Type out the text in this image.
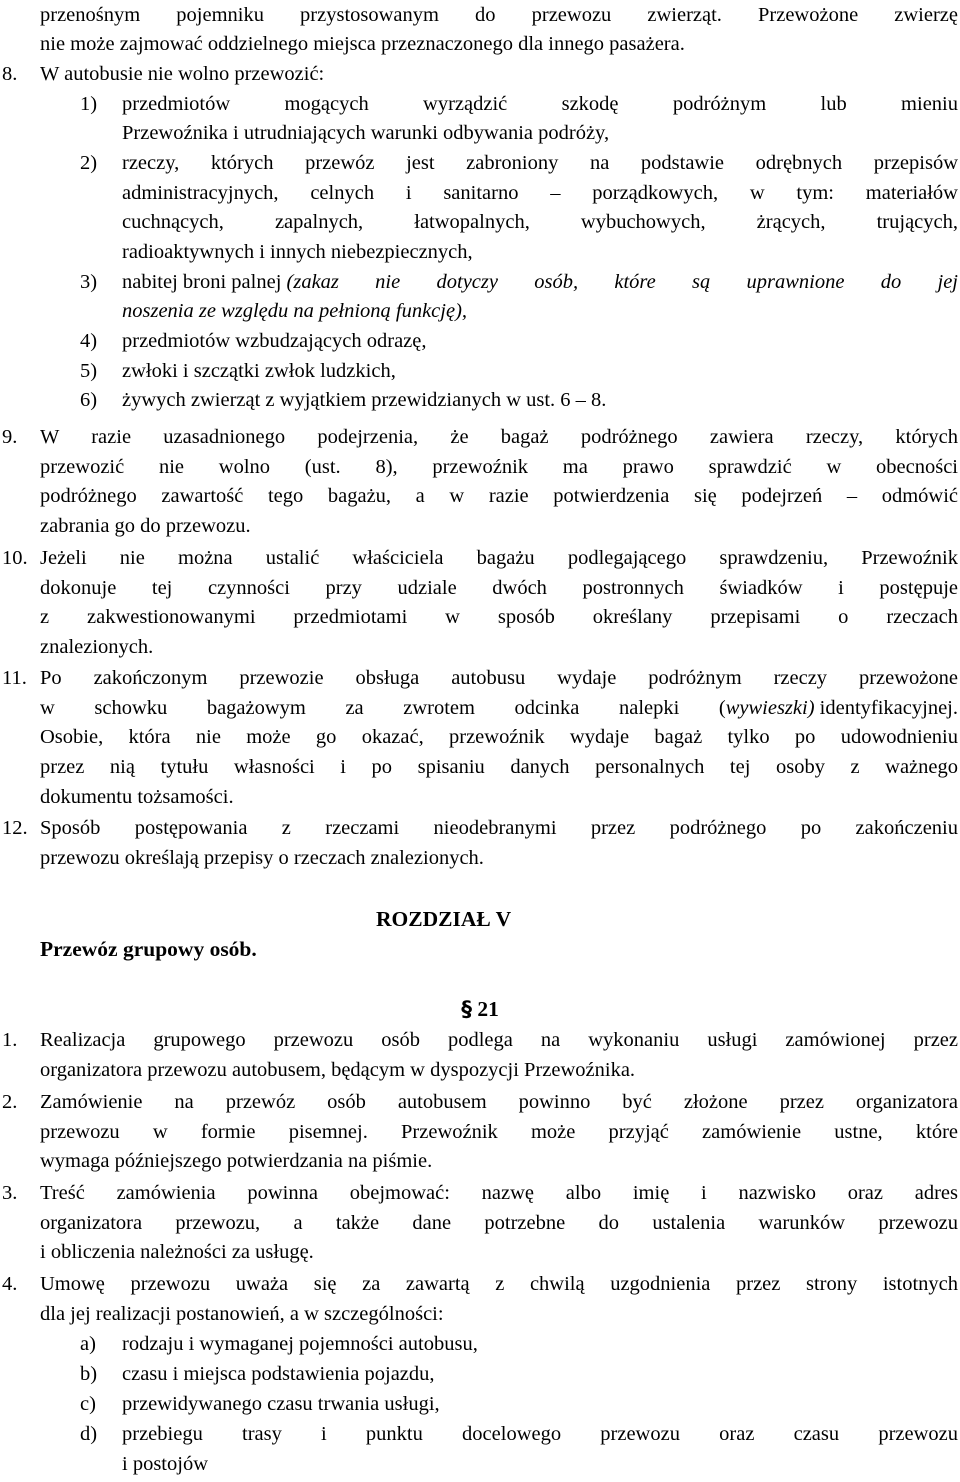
przenośnym pojemniku przystosowanym do przewozu zwierząt. Przewożone zwierzę
nie może zajmować oddzielnego miejsca przeznaczonego dla innego pasażera.
8. W autobusie nie wolno przewozić:
1) przedmiotów mogących wyrządzić szkodę podróżnym lub mieniu
Przewoźnika i utrudniających warunki odbywania podróży,
2) rzeczy, których przewóz jest zabroniony na podstawie odrębnych przepisów
administracyjnych, celnych i sanitarno – porządkowych, w tym: materiałów
cuchnących, zapalnych, łatwopalnych, wybuchowych, żrących, trujących,
radioaktywnych i innych niebezpiecznych,
3) nabitej broni palnej (zakaz nie dotyczy osób, które są uprawnione do jej
noszenia ze względu na pełnioną funkcję),
4) przedmiotów wzbudzających odrazę,
5) zwłoki i szczątki zwłok ludzkich,
6) żywych zwierząt z wyjątkiem przewidzianych w ust. 6 – 8.
9. W razie uzasadnionego podejrzenia, że bagaż podróżnego zawiera rzeczy, których
przewozić nie wolno (ust. 8), przewoźnik ma prawo sprawdzić w obecności
podróżnego zawartość tego bagażu, a w razie potwierdzenia się podejrzeń – odmówić
zabrania go do przewozu.
10. Jeżeli nie można ustalić właściciela bagażu podlegającego sprawdzeniu, Przewoźnik
dokonuje tej czynności przy udziale dwóch postronnych świadków i postępuje
z zakwestionowanymi przedmiotami w sposób określany przepisami o rzeczach
znalezionych.
11. Po zakończonym przewozie obsługa autobusu wydaje podróżnym rzeczy przewożone
w schowku bagażowym za zwrotem odcinka nalepki ( wywieszki) identyfikacyjnej.
Osobie, która nie może go okazać, przewoźnik wydaje bagaż tylko po udowodnieniu
przez nią tytułu własności i po spisaniu danych personalnych tej osoby z ważnego
dokumentu tożsamości.
12. Sposób postępowania z rzeczami nieodebranymi przez podróżnego po zakończeniu
przewozu określają przepisy o rzeczach znalezionych.
ROZDZIAŁ V
Przewóz grupowy osób.
§ 21
1. Realizacja grupowego przewozu osób podlega na wykonaniu usługi zamówionej przez
organizatora przewozu autobusem, będącym w dyspozycji Przewoźnika.
2. Zamówienie na przewóz osób autobusem powinno być złożone przez organizatora
przewozu w formie pisemnej. Przewoźnik może przyjąć zamówienie ustne, które
wymaga późniejszego potwierdzania na piśmie.
3. Treść zamówienia powinna obejmować: nazwę albo imię i nazwisko oraz adres
organizatora przewozu, a także dane potrzebne do ustalenia warunków przewozu
i obliczenia należności za usługę.
4. Umowę przewozu uważa się za zawartą z chwilą uzgodnienia przez strony istotnych
dla jej realizacji postanowień, a w szczególności:
a) rodzaju i wymaganej pojemności autobusu,
b) czasu i miejsca podstawienia pojazdu,
c) przewidywanego czasu trwania usługi,
d) przebiegu trasy i punktu docelowego przewozu oraz czasu przewozu
i postojów
